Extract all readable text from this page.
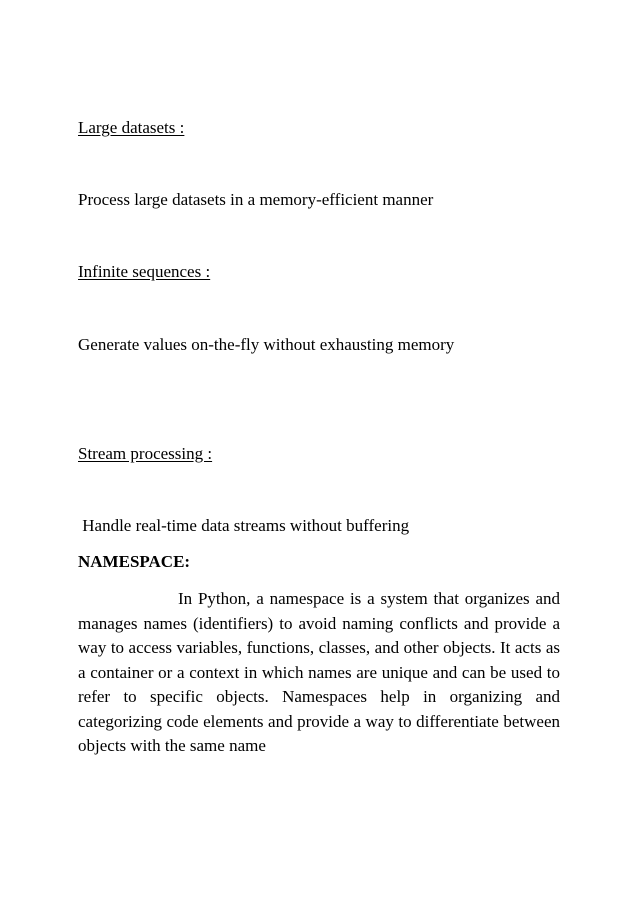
Large datasets :
Process large datasets in a memory-efficient manner
Infinite sequences :
Generate values on-the-fly without exhausting memory
Stream processing :
Handle real-time data streams without buffering
NAMESPACE:

In Python, a namespace is a system that organizes and manages names (identifiers) to avoid naming conflicts and provide a way to access variables, functions, classes, and other objects. It acts as a container or a context in which names are unique and can be used to refer to specific objects. Namespaces help in organizing and categorizing code elements and provide a way to differentiate between objects with the same name
